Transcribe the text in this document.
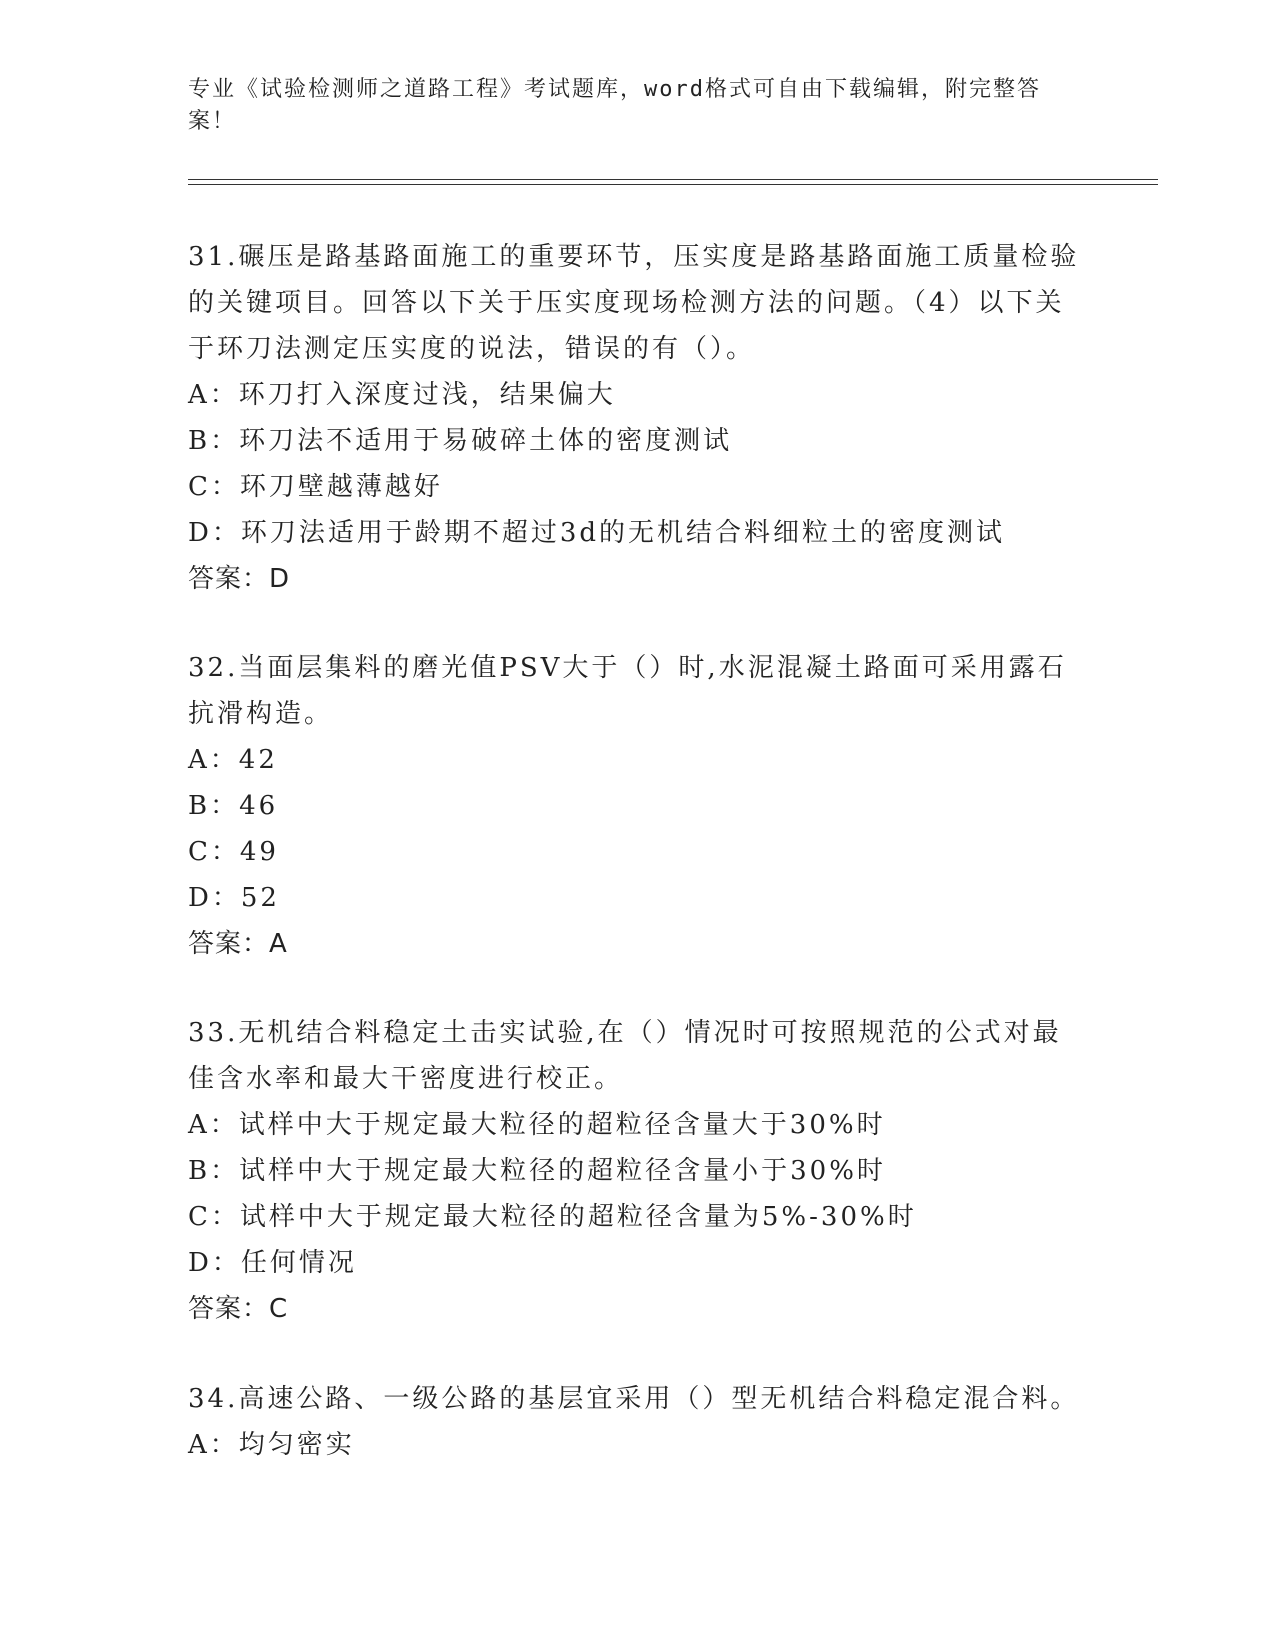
专业《试验检测师之道路工程》考试题库，word格式可自由下载编辑，附完整答案！

31.碾压是路基路面施工的重要环节，压实度是路基路面施工质量检验的关键项目。回答以下关于压实度现场检测方法的问题。（4）以下关于环刀法测定压实度的说法，错误的有（）。

A：环刀打入深度过浅，结果偏大

B：环刀法不适用于易破碎土体的密度测试

C：环刀壁越薄越好

D：环刀法适用于龄期不超过3d的无机结合料细粒土的密度测试

答案：D

32.当面层集料的磨光值PSV大于（）时,水泥混凝土路面可采用露石抗滑构造。

A：42

B：46

C：49

D：52

答案：A

33.无机结合料稳定土击实试验,在（）情况时可按照规范的公式对最佳含水率和最大干密度进行校正。

A：试样中大于规定最大粒径的超粒径含量大于30%时

B：试样中大于规定最大粒径的超粒径含量小于30%时

C：试样中大于规定最大粒径的超粒径含量为5%-30%时

D：任何情况

答案：C

34.高速公路、一级公路的基层宜采用（）型无机结合料稳定混合料。

A：均匀密实
